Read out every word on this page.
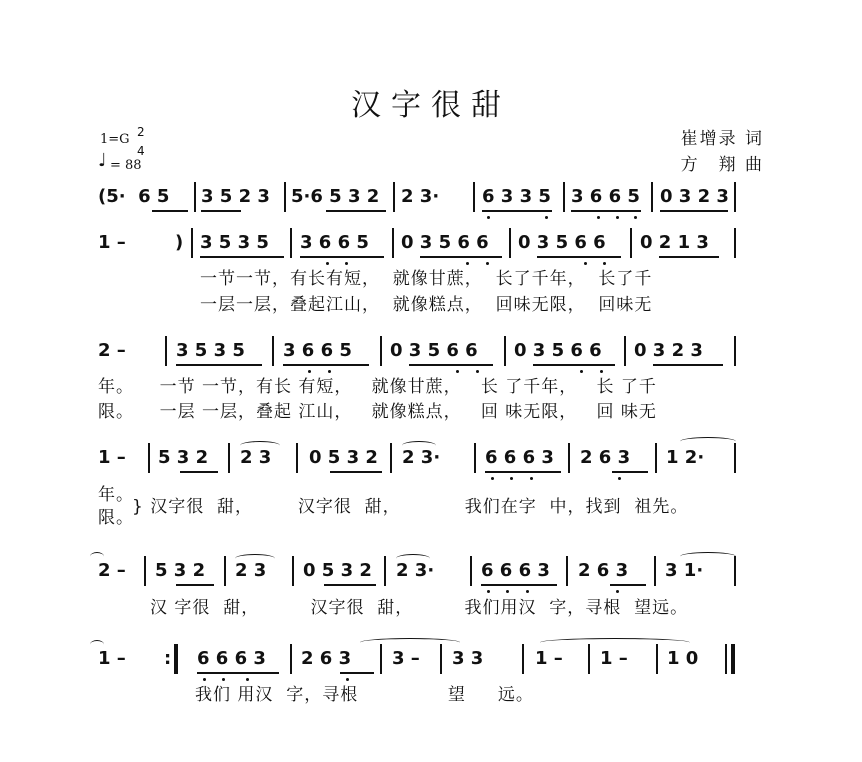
汉字很甜
1=G 2
4
♩ = 88
崔增录 词
方　翔 曲
(5·  6 5 3 5 2 3 5·6 5 3 2 2 3· 6 3 3 5 3 6 6 5 0 3 2 3
1 –	) 3 5 3 5 3 6 6 5 0 3 5 6 6 0 3 5 6 6 0 2 1 3
一节一节，有长有短，  就像甘蔗，  长了千年，  长了千
一层一层，叠起江山，  就像糕点，  回味无限，  回味无
2 –	3 5 3 5 3 6 6 5 0 3 5 6 6 0 3 5 6 6 0 3 2 3
年。    一节 一节，有长 有短，   就像甘蔗，   长 了千年，   长 了千
限。    一层 一层，叠起 江山，   就像糕点，   回 味无限，   回 味无
1 – 5 3 2 2 3 0 5 3 2 2 3· 6 6 6 3 2 6 3 1 2·
年。
限。
} 汉字很  甜，       汉字很  甜，          我们在字  中，找到  祖先。
2 – 5 3 2 2 3 0 5 3 2 2 3·	6 6 6 3 2 6 3 3 1·
汉 字很  甜，        汉字很  甜，        我们用汉  字，寻根  望远。
1 – : 6 6 6 3 2 6 3 3 – 3 3	1 – 1 – 1 0
我们 用汉  字，寻根              望     远。
